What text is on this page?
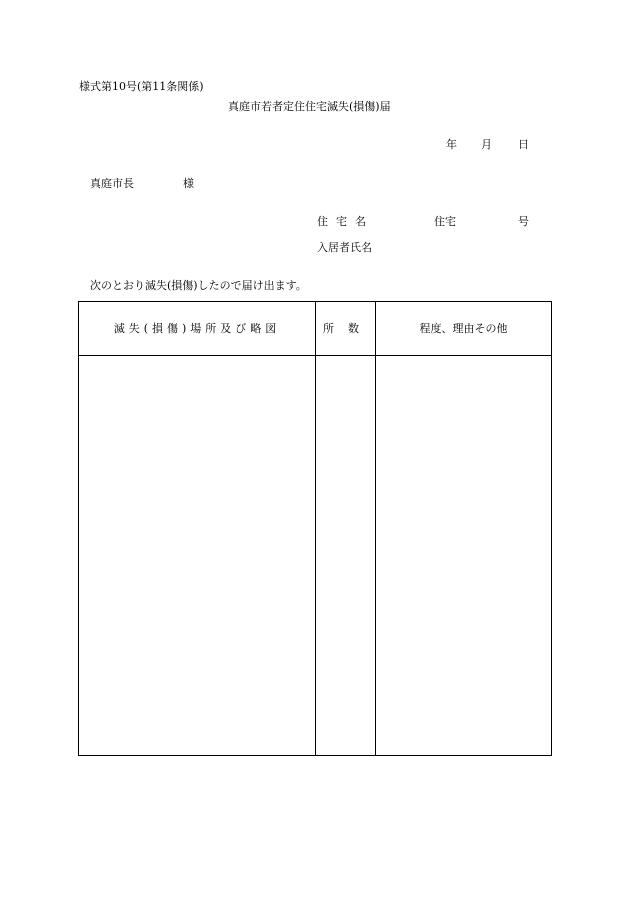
様式第10号(第11条関係)
真庭市若者定住住宅滅失(損傷)届
年 月 日
真庭市長	様
住宅名	住宅	号
入居者氏名
次のとおり滅失(損傷)したので届け出ます。
滅失(損傷)場所及び略図	所数	程度、理由その他
